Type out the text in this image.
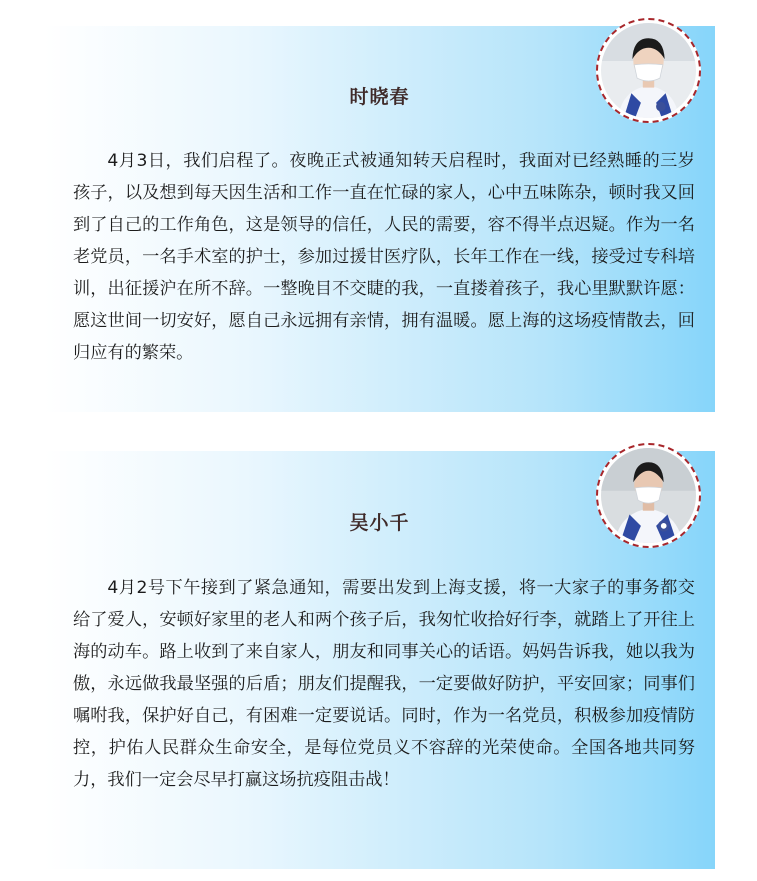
时晓春

4月3日，我们启程了。夜晚正式被通知转天启程时，我面对已经熟睡的三岁孩子，以及想到每天因生活和工作一直在忙碌的家人，心中五味陈杂，顿时我又回到了自己的工作角色，这是领导的信任，人民的需要，容不得半点迟疑。作为一名老党员，一名手术室的护士，参加过援甘医疗队，长年工作在一线，接受过专科培训，出征援沪在所不辞。一整晚目不交睫的我，一直搂着孩子，我心里默默许愿：愿这世间一切安好，愿自己永远拥有亲情，拥有温暖。愿上海的这场疫情散去，回归应有的繁荣。

吴小千

4月2号下午接到了紧急通知，需要出发到上海支援，将一大家子的事务都交给了爱人，安顿好家里的老人和两个孩子后，我匆忙收拾好行李，就踏上了开往上海的动车。路上收到了来自家人，朋友和同事关心的话语。妈妈告诉我，她以我为傲，永远做我最坚强的后盾；朋友们提醒我，一定要做好防护，平安回家；同事们嘱咐我，保护好自己，有困难一定要说话。同时，作为一名党员，积极参加疫情防控，护佑人民群众生命安全，是每位党员义不容辞的光荣使命。全国各地共同努力，我们一定会尽早打赢这场抗疫阻击战！
